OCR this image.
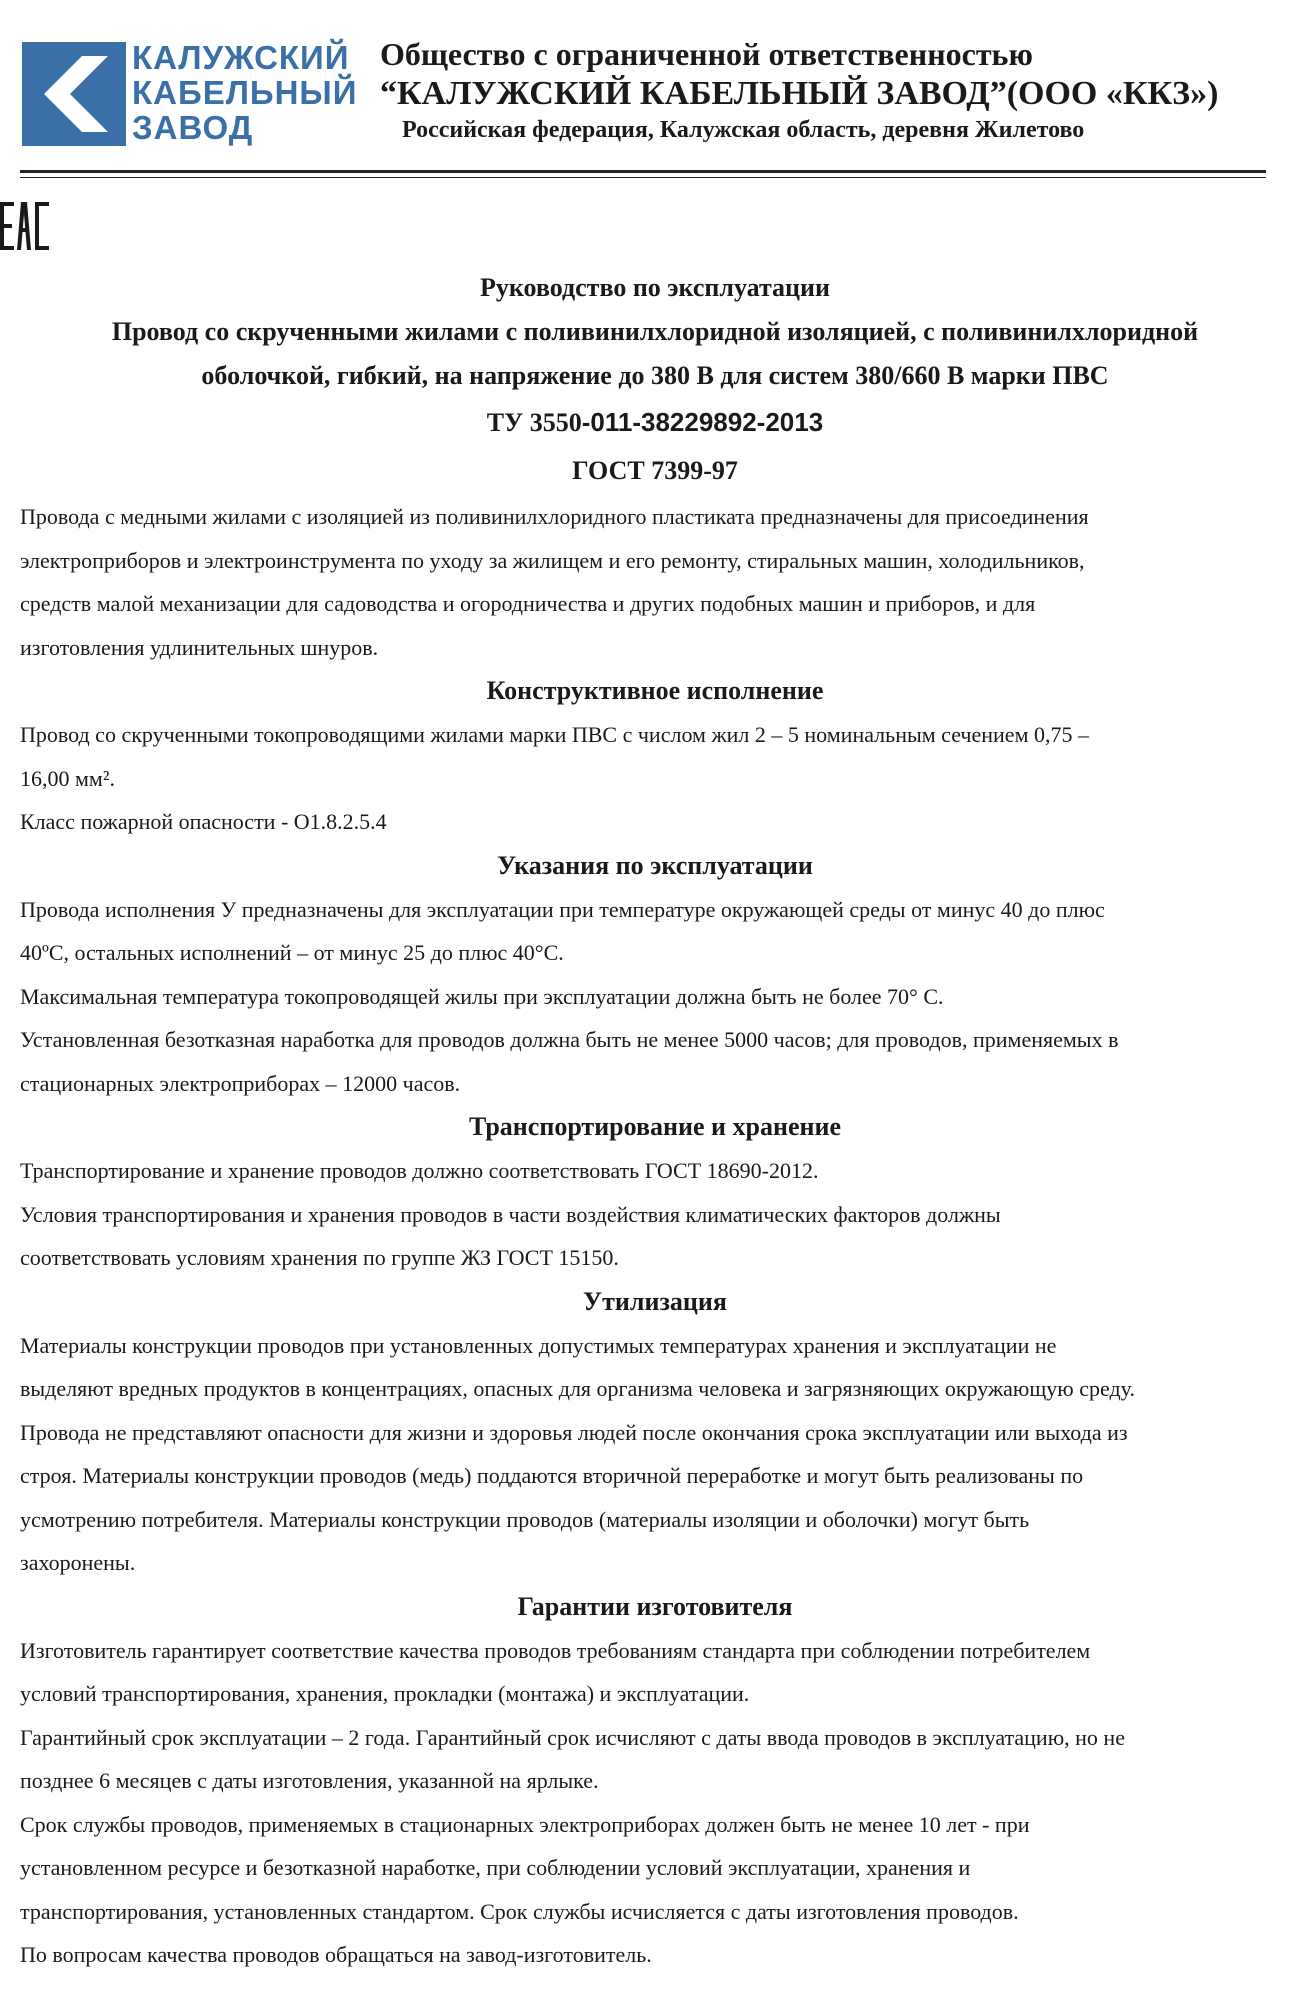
КАЛУЖСКИЙ
КАБЕЛЬНЫЙ
ЗАВОД
Общество с ограниченной ответственностью
“КАЛУЖСКИЙ КАБЕЛЬНЫЙ ЗАВОД”(ООО «ККЗ»)
Российская федерация, Калужская область, деревня Жилетово
Руководство по эксплуатации
Провод со скрученными жилами с поливинилхлоридной изоляцией, с поливинилхлоридной
оболочкой, гибкий, на напряжение до 380 В для систем 380/660 В марки ПВС
ТУ 3550-011-38229892-2013
ГОСТ 7399-97

Провода с медными жилами с изоляцией из поливинилхлоридного пластиката предназначены для присоединения

электроприборов и электроинструмента по уходу за жилищем и его ремонту, стиральных машин, холодильников,

средств малой механизации для садоводства и огородничества и других подобных машин и приборов, и для

изготовления удлинительных шнуров.

Конструктивное исполнение

Провод со скрученными токопроводящими жилами марки ПВС с числом жил 2 – 5 номинальным сечением 0,75 –

16,00 мм².

Класс пожарной опасности - О1.8.2.5.4

Указания по эксплуатации

Провода исполнения У предназначены для эксплуатации при температуре окружающей среды от минус 40 до плюс

40ºС, остальных исполнений – от минус 25 до плюс 40°С.

Максимальная температура токопроводящей жилы при эксплуатации должна быть не более 70° С.

Установленная безотказная наработка для проводов должна быть не менее 5000 часов; для проводов, применяемых в

стационарных электроприборах – 12000 часов.

Транспортирование и хранение

Транспортирование и хранение проводов должно соответствовать ГОСТ 18690-2012.

Условия транспортирования и хранения проводов в части воздействия климатических факторов должны

соответствовать условиям хранения по группе ЖЗ ГОСТ 15150.

Утилизация

Материалы конструкции проводов при установленных допустимых температурах хранения и эксплуатации не

выделяют вредных продуктов в концентрациях, опасных для организма человека и загрязняющих окружающую среду.

Провода не представляют опасности для жизни и здоровья людей после окончания срока эксплуатации или выхода из

строя. Материалы конструкции проводов (медь) поддаются вторичной переработке и могут быть реализованы по

усмотрению потребителя. Материалы конструкции проводов (материалы изоляции и оболочки) могут быть

захоронены.

Гарантии изготовителя

Изготовитель гарантирует соответствие качества проводов требованиям стандарта при соблюдении потребителем

условий транспортирования, хранения, прокладки (монтажа) и эксплуатации.

Гарантийный срок эксплуатации – 2 года. Гарантийный срок исчисляют с даты ввода проводов в эксплуатацию, но не

позднее 6 месяцев с даты изготовления, указанной на ярлыке.

Срок службы проводов, применяемых в стационарных электроприборах должен быть не менее 10 лет - при

установленном ресурсе и безотказной наработке, при соблюдении условий эксплуатации, хранения и

транспортирования, установленных стандартом. Срок службы исчисляется с даты изготовления проводов.

По вопросам качества проводов обращаться на завод-изготовитель.
